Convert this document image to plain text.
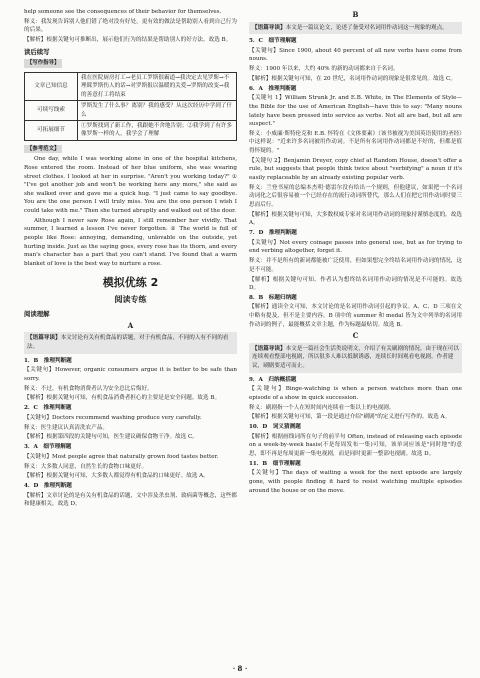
help someone see the consequences of their behavior for themselves.

释义：我发现告诉别人他们错了绝对没有好处，更有效的做法是帮助别人看到自己行为的后果。

【解析】根据关键句可推断出，展示他们行为的结果是帮助别人的好方法。故选 B。

读后续写
【写作指导】
文章已知信息	我在医院厨房打工→老员工罗斯很霸道→我决定去见罗斯→不理睬罗斯伤人的话→对罗斯报以温暖的关爱→罗斯的改变→我的善意打工将结束
可续写线索	罗斯发生了什么事？离别？我的感受？从这次经历中学到了什么
可拓展细节	①罗斯找到了新工作，我跟她不舍地告别；②我学到了有许多像罗斯一样的人，我学会了理解
【参考范文】

One day, while I was working alone in one of the hospital kitchens, Rose entered the room. Instead of her blue uniform, she was wearing street clothes. I looked at her in surprise. "Aren't you working today?" ① "I've got another job and won't be working here any more," she said as she walked over and gave me a quick hug. "I just came to say goodbye. You are the one person I will truly miss. You are the one person I wish I could take with me." Then she turned abruptly and walked out of the door.

Although I never saw Rose again, I still remember her vividly. That summer, I learned a lesson I've never forgotten. ② The world is full of people like Rose: annoying, demanding, unlovable on the outside, yet hurting inside. Just as the saying goes, every rose has its thorn, and every man's character has a part that you can't stand. I've found that a warm blanket of love is the best way to nurture a rose.

模拟优练 2
阅读专练
阅读理解
A
【语篇导读】本文讨论有关有机食品的话题，对于有机食品，不同的人有不同的看法。

1．B　推理判断题

【关键句】However, organic consumers argue it is better to be safe than sorry.

释义：不过，有机食物消费者认为安全总比后悔好。

【解析】根据关键句可知，有机食品消费者担心的主要是是安全问题。故选 B。

2．C　推理判断题

【关键句】Doctors recommend washing produce very carefully.

释义：医生建议认真清洗农产品。

【解析】根据第四段的关键句可知，医生建议确保食物干净。故选 C。

3．A　细节理解题

【关键句】Most people agree that naturally grown food tastes better.

释义：大多数人同意，自然生长的食物口味更好。

【解析】根据关键句可知，大多数人都觉得有机食品的口味更好。故选 A。

4．D　推理判断题

【解析】文章讨论的是有关有机食品的话题，文中涉及杀虫剂、致病菌等概念，这些都和健康相关。故选 D。

B
【语篇导读】本文是一篇议论文，论述了备受对名词用作动词这一现象的观点。

5．C　细节理解题

【关键句】Since 1900, about 40 percent of all new verbs have come from nouns.

释义：1900 年以来，大约 40% 的新的动词都来自于名词。

【解析】根据关键句可知，在 20 世纪，名词用作动词的现象是很常见的。故选 C。

6．A　推理判断题

【关键句 1】William Strunk Jr. and E.B. White, in The Elements of Style—the Bible for the use of American English—have this to say: "Many nouns lately have been pressed into service as verbs. Not all are bad, but all are suspect."

释义：小威廉·斯特伦克和 E.B. 怀特在《文体要素》（该书被视为美国英语使用的圣经）中这样说："近来许多名词被用作动词。不是所有名词用作动词都是不好的，但都是值得怀疑的。"

【关键句 2】Benjamin Dreyer, copy chief at Random House, doesn't offer a rule, but suggests that people think twice about "verbifying" a noun if it's easily replaceable by an already existing popular verb.

释义：兰登书屋的总编本杰明·德雷尔没有给出一个规则，但他建议，如果把一个名词动词化之后很容易被一个已经存在的流行动词所替代，那么人们在把它用作动词时要三思而后行。

【解析】根据关键句可知，大多数权威专家对名词用作动词的现象持谨慎态度的。故选 A。

7．D　推理判断题

【关键句】Not every coinage passes into general use, but as for trying to end verbing altogether, forget it.

释义：并不是所有的新词都能被广泛使用，但如果想完全终结名词用作动词的情况，这是不可能。

【解析】根据关键句可知，作者认为想终结名词用作动词的情况是不可能的。故选 D。

8．B　标题归纳题

【解析】通读全文可知，本文讨论的是名词用作动词引起的争议。A、C、D 三项在文中略有提及，但不是主要内容。B 项中的 summer 和 medal 皆为文中列举的名词用作动词的例子，最能概括文章主题，作为标题最贴切。故选 B。

C
【语篇导读】本文是一篇社会生活类说明文，介绍了有关刷剧的情况。由于现在可以连续观看整部电视剧，所以很多人难以抵制诱惑，连续长时间观看电视剧。作者建议，刷剧要适可而止。

9．A　归纳概括题

【关键句】Binge-watching is when a person watches more than one episode of a show in quick succession.

释义：刷剧指一个人在短时间内连续看一集以上的电视剧。

【解析】根据关键句可知，第一段是通过介绍"刷剧"的定义进行写作的。故选 A。

10．D　词义猜测题

【解析】根据画线词所在句子的前半句 Often, instead of releasing each episode on a week-by-week basis(不是每周发布一集)可知，该单词应该是"同时地"的意思，即不再是每周更新一集电视剧，而是同时更新一整部电视剧。故选 D。

11．B　细节理解题

【关键句】The days of waiting a week for the next episode are largely gone, with people finding it hard to resist watching multiple episodes around the house or on the move.

· 8 ·
